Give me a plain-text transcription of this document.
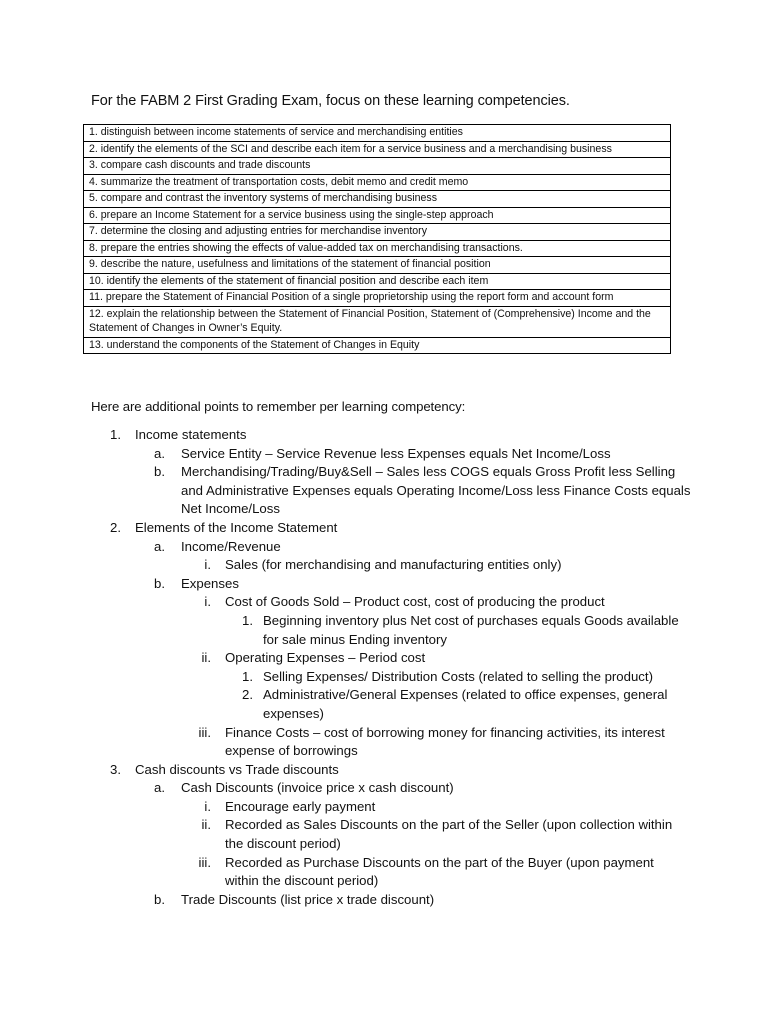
For the FABM 2 First Grading Exam, focus on these learning competencies.

1. distinguish between income statements of service and merchandising entities
2. identify the elements of the SCI and describe each item for a service business and a merchandising business
3. compare cash discounts and trade discounts
4. summarize the treatment of transportation costs, debit memo and credit memo
5. compare and contrast the inventory systems of merchandising business
6. prepare an Income Statement for a service business using the single-step approach
7. determine the closing and adjusting entries for merchandise inventory
8. prepare the entries showing the effects of value-added tax on merchandising transactions.
9. describe the nature, usefulness and limitations of the statement of financial position
10. identify the elements of the statement of financial position and describe each item
11. prepare the Statement of Financial Position of a single proprietorship using the report form and account form
12. explain the relationship between the Statement of Financial Position, Statement of (Comprehensive) Income and the Statement of Changes in Owner’s Equity.
13. understand the components of the Statement of Changes in Equity

Here are additional points to remember per learning competency:

1. Income statements
a. Service Entity – Service Revenue less Expenses equals Net Income/Loss
b. Merchandising/Trading/Buy&Sell – Sales less COGS equals Gross Profit less Selling and Administrative Expenses equals Operating Income/Loss less Finance Costs equals Net Income/Loss
2. Elements of the Income Statement
a. Income/Revenue
i. Sales (for merchandising and manufacturing entities only)
b. Expenses
i. Cost of Goods Sold – Product cost, cost of producing the product
1. Beginning inventory plus Net cost of purchases equals Goods available for sale minus Ending inventory
ii. Operating Expenses – Period cost
1. Selling Expenses/ Distribution Costs (related to selling the product)
2. Administrative/General Expenses (related to office expenses, general expenses)
iii. Finance Costs – cost of borrowing money for financing activities, its interest expense of borrowings
3. Cash discounts vs Trade discounts
a. Cash Discounts (invoice price x cash discount)
i. Encourage early payment
ii. Recorded as Sales Discounts on the part of the Seller (upon collection within the discount period)
iii. Recorded as Purchase Discounts on the part of the Buyer (upon payment within the discount period)
b. Trade Discounts (list price x trade discount)
